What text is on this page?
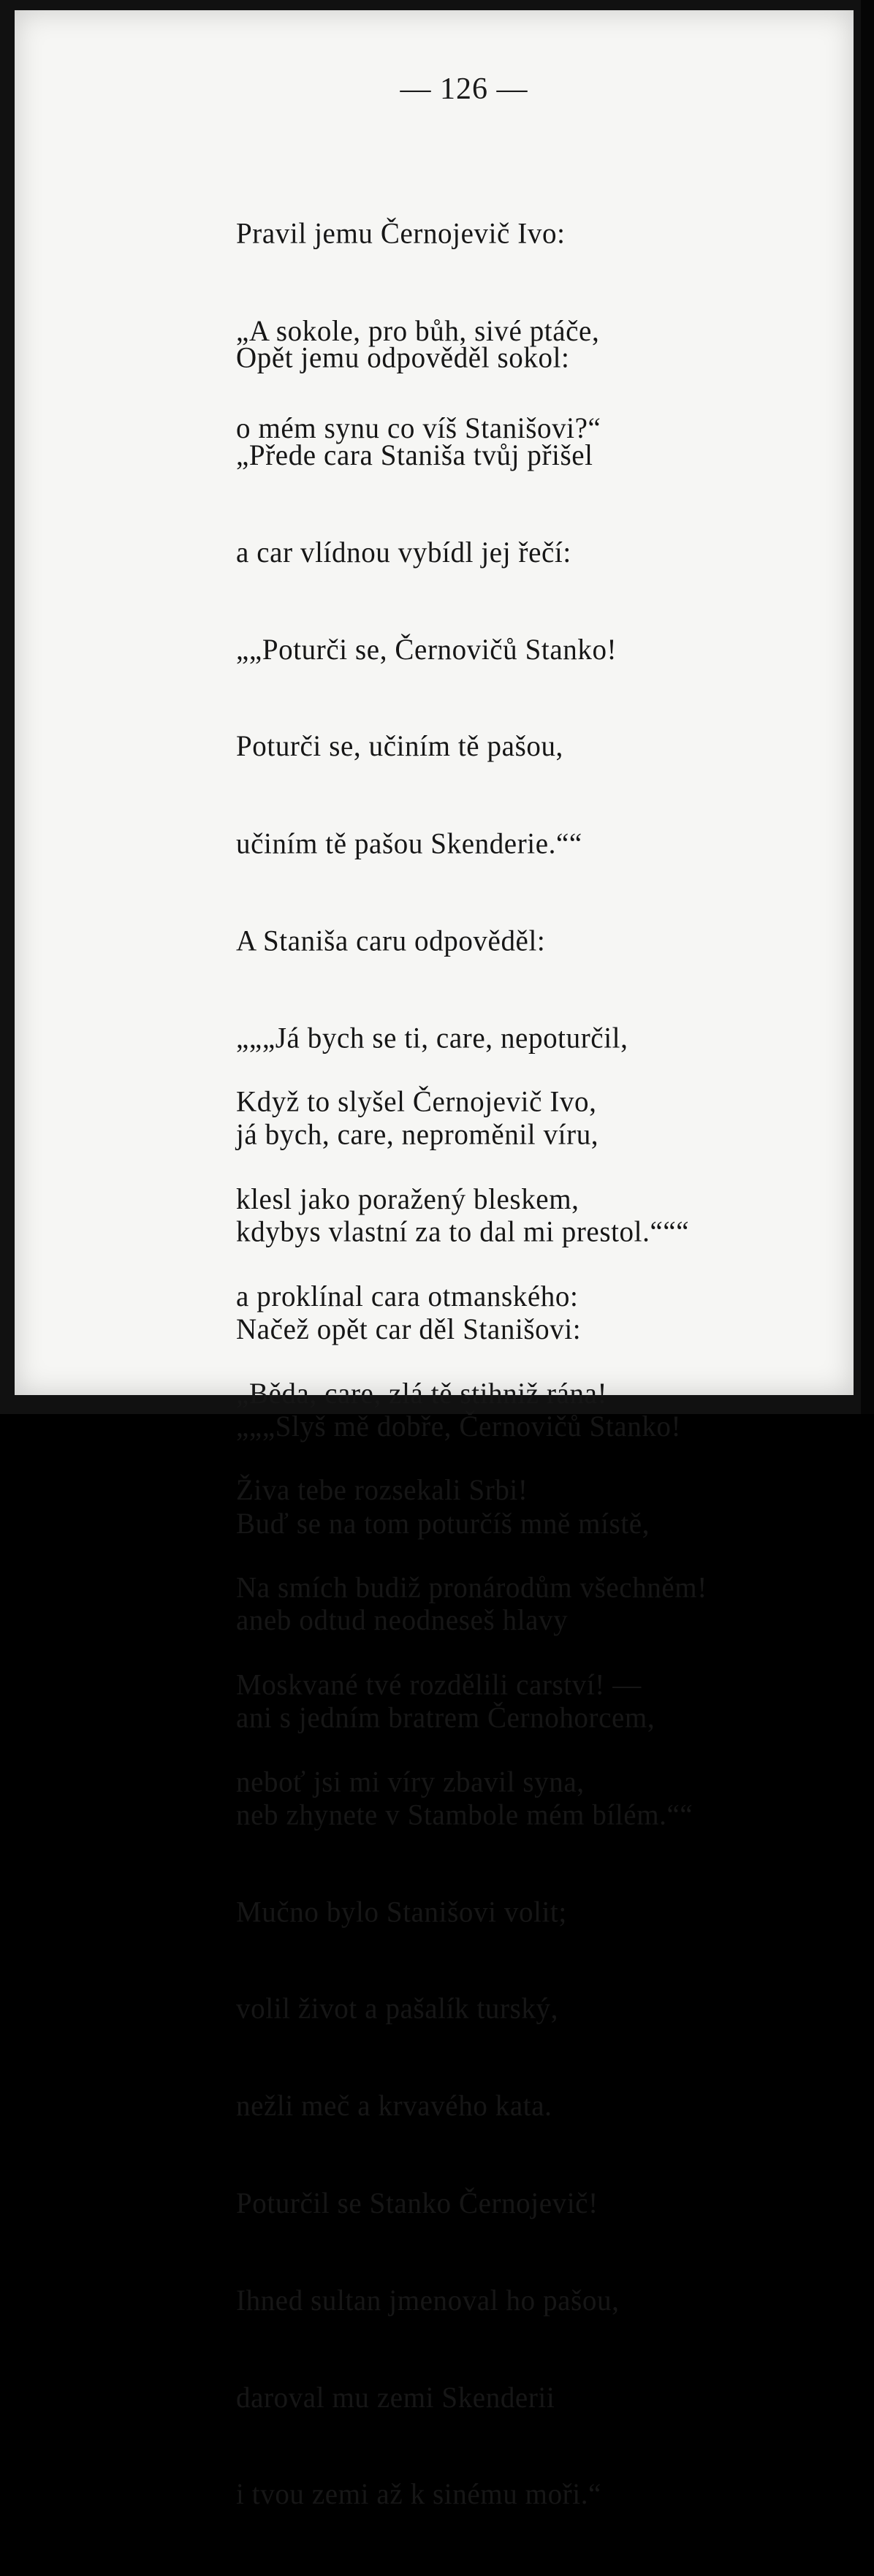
— 126 —

Pravil jemu Černojevič Ivo:

„A sokole, pro bůh, sivé ptáče,

o mém synu co víš Stanišovi?“

Opět jemu odpověděl sokol:

„Přede cara Staniša tvůj přišel

a car vlídnou vybídl jej řečí:

„„Poturči se, Černovičů Stanko!

Poturči se, učiním tě pašou,

učiním tě pašou Skenderie.““

A Staniša caru odpověděl:

„„„Já bych se ti, care, nepoturčil,

já bych, care, neproměnil víru,

kdybys vlastní za to dal mi prestol.“““

Načež opět car děl Stanišovi:

„„„Slyš mě dobře, Černovičů Stanko!

Buď se na tom poturčíš mně místě,

aneb odtud neodneseš hlavy

ani s jedním bratrem Černohorcem,

neb zhynete v Stambole mém bílém.““

Mučno bylo Stanišovi volit;

volil život a pašalík turský,

nežli meč a krvavého kata.

Poturčil se Stanko Černojevič!

Ihned sultan jmenoval ho pašou,

daroval mu zemi Skenderii

i tvou zemi až k sinému moři.“

Když to slyšel Černojevič Ivo,

klesl jako poražený bleskem,

a proklínal cara otmanského:

„Běda, care, zlá tě stihniž rána!

Živa tebe rozsekali Srbi!

Na smích budiž pronárodům všechněm!

Moskvané tvé rozdělili carství! —

neboť jsi mi víry zbavil syna,
